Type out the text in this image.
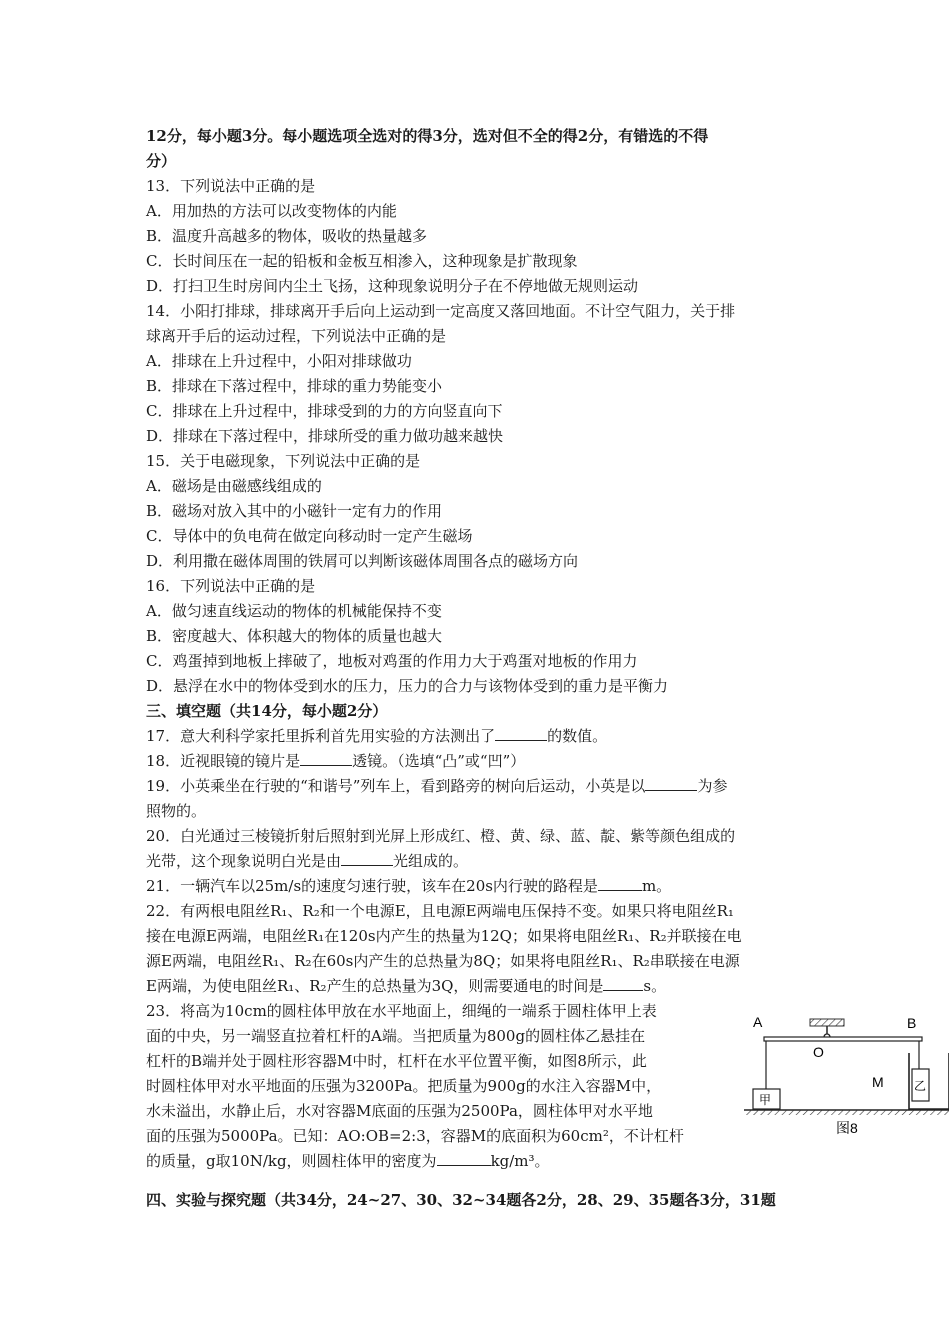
12分，每小题3分。每小题选项全选对的得3分，选对但不全的得2分，有错选的不得
分）
13．下列说法中正确的是
A．用加热的方法可以改变物体的内能
B．温度升高越多的物体，吸收的热量越多
C．长时间压在一起的铅板和金板互相渗入，这种现象是扩散现象
D．打扫卫生时房间内尘土飞扬，这种现象说明分子在不停地做无规则运动
14．小阳打排球，排球离开手后向上运动到一定高度又落回地面。不计空气阻力，关于排
球离开手后的运动过程，下列说法中正确的是
A．排球在上升过程中，小阳对排球做功
B．排球在下落过程中，排球的重力势能变小
C．排球在上升过程中，排球受到的力的方向竖直向下
D．排球在下落过程中，排球所受的重力做功越来越快
15．关于电磁现象，下列说法中正确的是
A．磁场是由磁感线组成的
B．磁场对放入其中的小磁针一定有力的作用
C．导体中的负电荷在做定向移动时一定产生磁场
D．利用撒在磁体周围的铁屑可以判断该磁体周围各点的磁场方向
16．下列说法中正确的是
A．做匀速直线运动的物体的机械能保持不变
B．密度越大、体积越大的物体的质量也越大
C．鸡蛋掉到地板上摔破了，地板对鸡蛋的作用力大于鸡蛋对地板的作用力
D．悬浮在水中的物体受到水的压力，压力的合力与该物体受到的重力是平衡力
三、填空题（共14分，每小题2分）
17．意大利科学家托里拆利首先用实验的方法测出了	的数值。
18．近视眼镜的镜片是	透镜。（选填“凸”或“凹”）
19．小英乘坐在行驶的“和谐号”列车上，看到路旁的树向后运动，小英是以	为参
照物的。
20．白光通过三棱镜折射后照射到光屏上形成红、橙、黄、绿、蓝、靛、紫等颜色组成的
光带，这个现象说明白光是由	光组成的。
21．一辆汽车以25m/s的速度匀速行驶，该车在20s内行驶的路程是	m。
22．有两根电阻丝R₁、R₂和一个电源E，且电源E两端电压保持不变。如果只将电阻丝R₁
接在电源E两端，电阻丝R₁在120s内产生的热量为12Q；如果将电阻丝R₁、R₂并联接在电
源E两端，电阻丝R₁、R₂在60s内产生的总热量为8Q；如果将电阻丝R₁、R₂串联接在电源
E两端，为使电阻丝R₁、R₂产生的总热量为3Q，则需要通电的时间是	s。
23．将高为10cm的圆柱体甲放在水平地面上，细绳的一端系于圆柱体甲上表
面的中央，另一端竖直拉着杠杆的A端。当把质量为800g的圆柱体乙悬挂在
杠杆的B端并处于圆柱形容器M中时，杠杆在水平位置平衡，如图8所示，此
时圆柱体甲对水平地面的压强为3200Pa。把质量为900g的水注入容器M中，
水未溢出，水静止后，水对容器M底面的压强为2500Pa，圆柱体甲对水平地
面的压强为5000Pa。已知：AO:OB=2:3，容器M的底面积为60cm²，不计杠杆
的质量，g取10N/kg，则圆柱体甲的密度为	kg/m³。
四、实验与探究题（共34分，24~27、30、32~34题各2分，28、29、35题各3分，31题
A	B
O
M
甲
乙
图8
